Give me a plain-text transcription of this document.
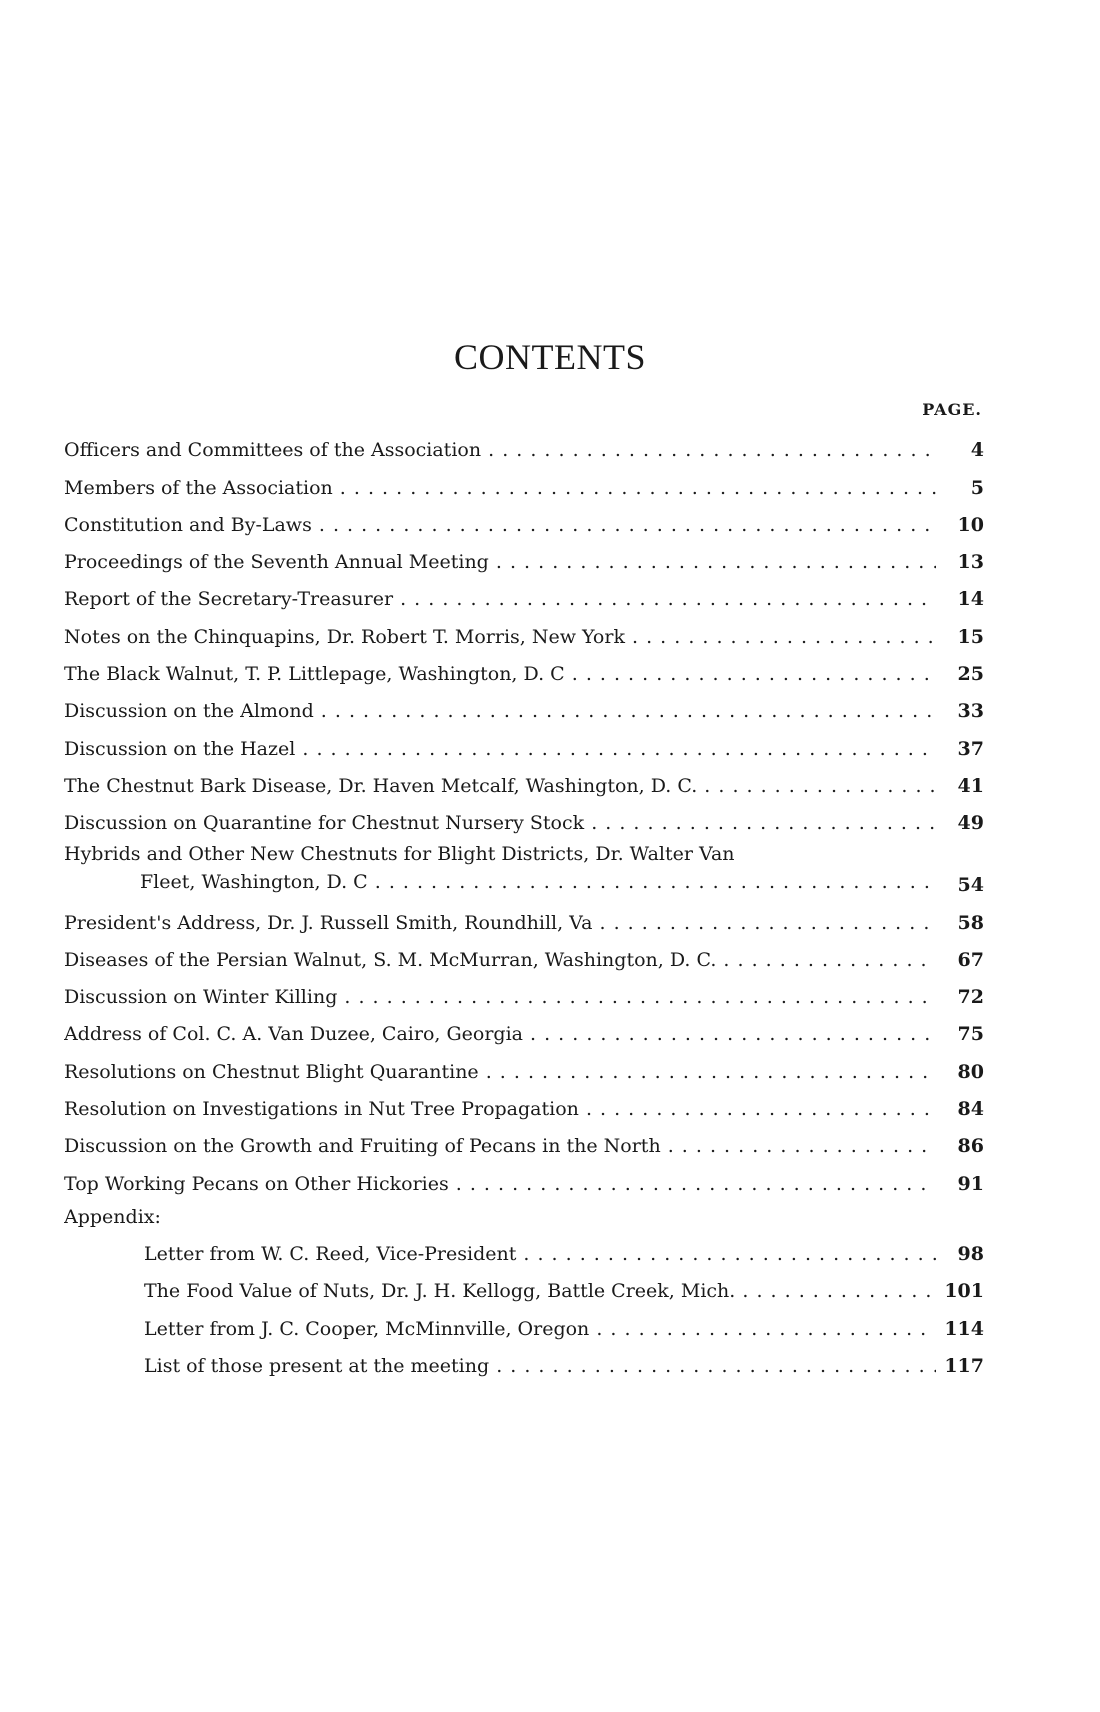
CONTENTS
PAGE.
Officers and Committees of the Association . . .	4
Members of the Association . . .	5
Constitution and By-Laws . . .	10
Proceedings of the Seventh Annual Meeting . . .	13
Report of the Secretary-Treasurer . . .	14
Notes on the Chinquapins, Dr. Robert T. Morris, New York . . .	15
The Black Walnut, T. P. Littlepage, Washington, D. C . . .	25
Discussion on the Almond . . .	33
Discussion on the Hazel . . .	37
The Chestnut Bark Disease, Dr. Haven Metcalf, Washington, D. C. . . .	41
Discussion on Quarantine for Chestnut Nursery Stock . . .	49
Hybrids and Other New Chestnuts for Blight Districts, Dr. Walter Van
Fleet, Washington, D. C . . .	54
President's Address, Dr. J. Russell Smith, Roundhill, Va . . .	58
Diseases of the Persian Walnut, S. M. McMurran, Washington, D. C. . . .	67
Discussion on Winter Killing . . .	72
Address of Col. C. A. Van Duzee, Cairo, Georgia . . .	75
Resolutions on Chestnut Blight Quarantine . . .	80
Resolution on Investigations in Nut Tree Propagation . . .	84
Discussion on the Growth and Fruiting of Pecans in the North . . .	86
Top Working Pecans on Other Hickories . . .	91
Appendix:
Letter from W. C. Reed, Vice-President . . .	98
The Food Value of Nuts, Dr. J. H. Kellogg, Battle Creek, Mich. . . .	101
Letter from J. C. Cooper, McMinnville, Oregon . . .	114
List of those present at the meeting . . .	117
